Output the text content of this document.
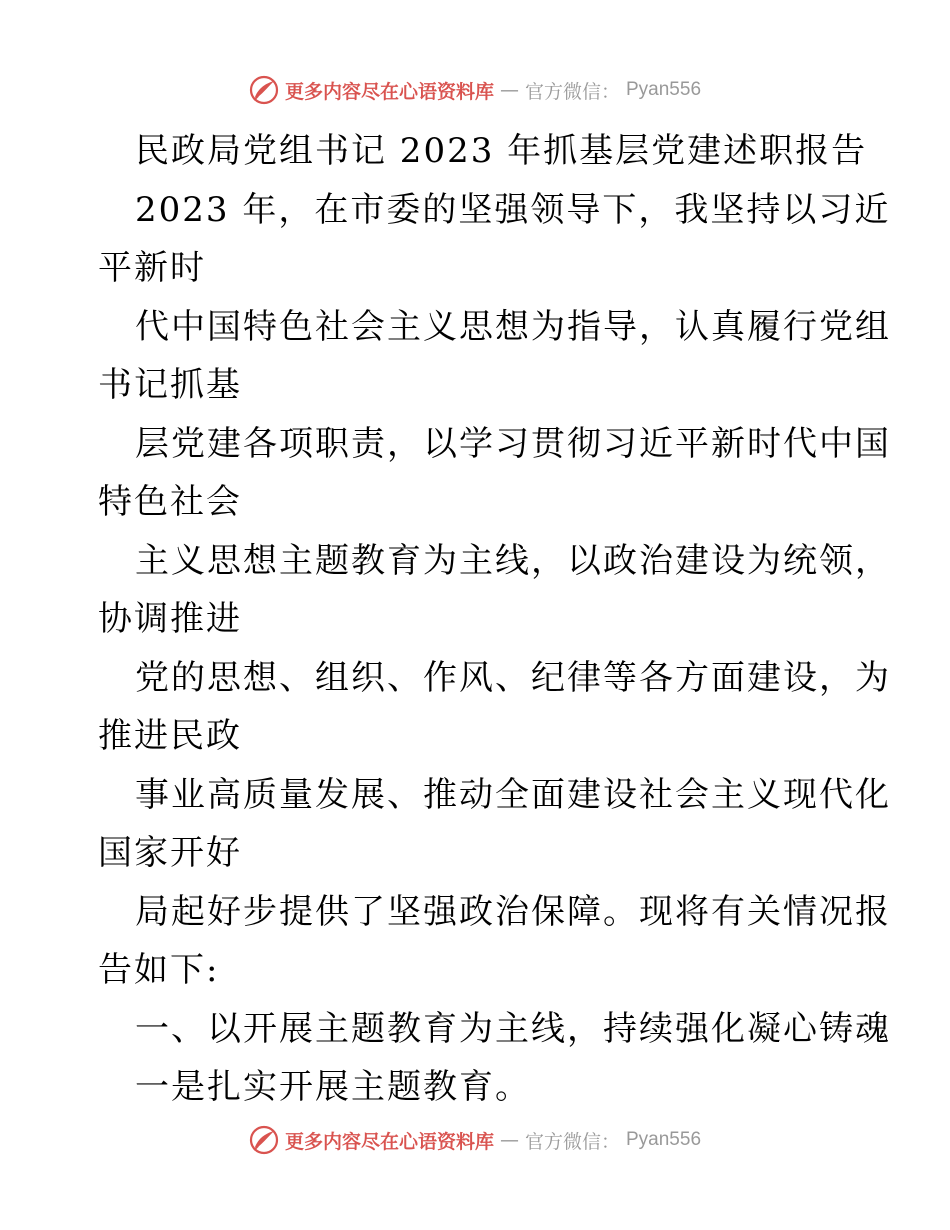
更多内容尽在心语资料库 — 官方微信： Pyan556
民政局党组书记 2023 年抓基层党建述职报告
2023 年，在市委的坚强领导下，我坚持以习近
平新时
代中国特色社会主义思想为指导，认真履行党组
书记抓基
层党建各项职责，以学习贯彻习近平新时代中国
特色社会
主义思想主题教育为主线，以政治建设为统领，
协调推进
党的思想、组织、作风、纪律等各方面建设，为
推进民政
事业高质量发展、推动全面建设社会主义现代化
国家开好
局起好步提供了坚强政治保障。现将有关情况报
告如下:
一、以开展主题教育为主线，持续强化凝心铸魂
一是扎实开展主题教育。
更多内容尽在心语资料库 — 官方微信： Pyan556
